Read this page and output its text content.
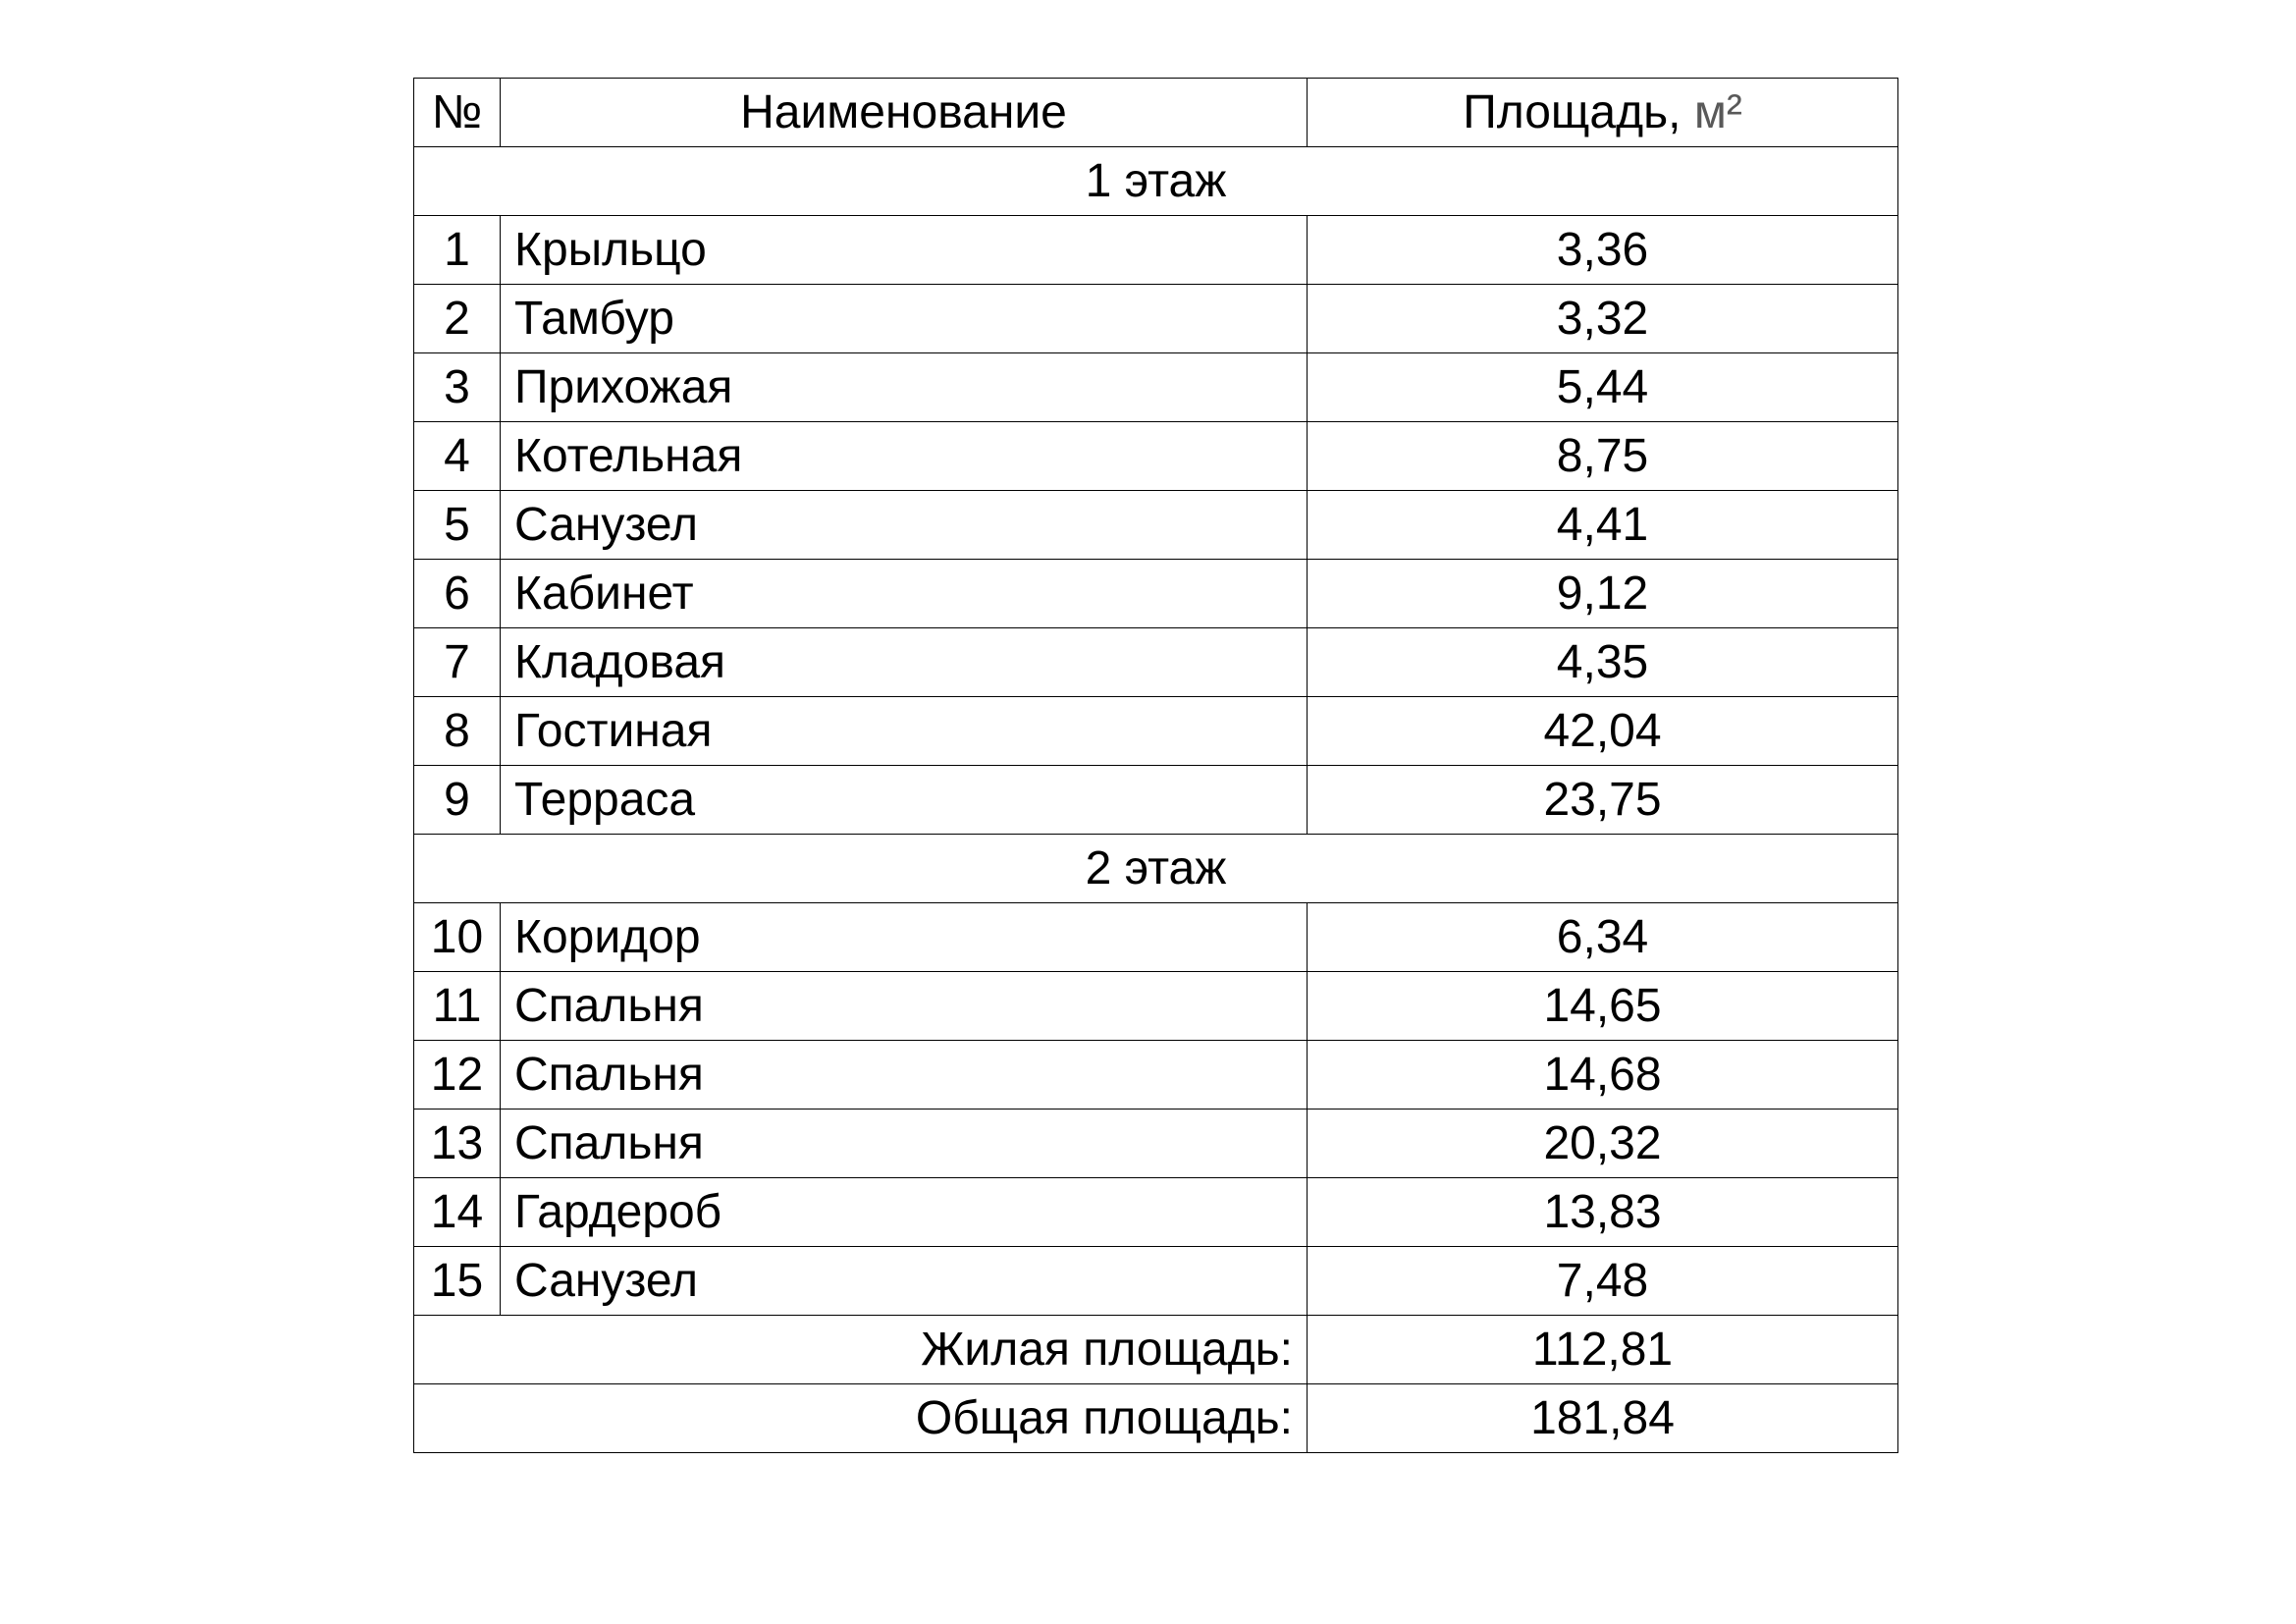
№	Наименование	Площадь, м²
1 этаж		
1	Крыльцо	3,36
2	Тамбур	3,32
3	Прихожая	5,44
4	Котельная	8,75
5	Санузел	4,41
6	Кабинет	9,12
7	Кладовая	4,35
8	Гостиная	42,04
9	Терраса	23,75
2 этаж		
10	Коридор	6,34
11	Спальня	14,65
12	Спальня	14,68
13	Спальня	20,32
14	Гардероб	13,83
15	Санузел	7,48
Жилая площадь:		112,81
Общая площадь:		181,84
